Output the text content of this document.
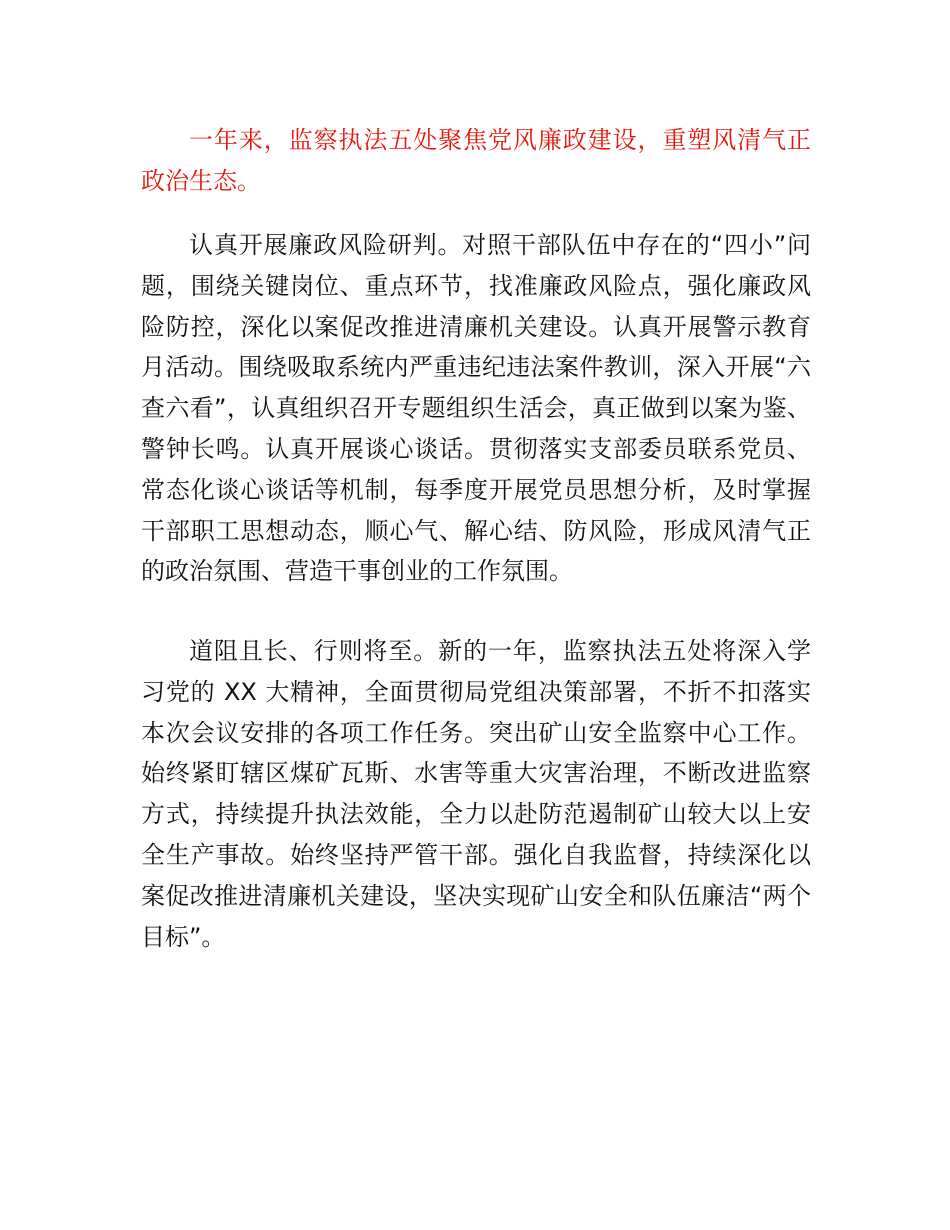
一年来，监察执法五处聚焦党风廉政建设，重塑风清气正政治生态。

认真开展廉政风险研判。对照干部队伍中存在的“四小”问题，围绕关键岗位、重点环节，找准廉政风险点，强化廉政风险防控，深化以案促改推进清廉机关建设。认真开展警示教育月活动。围绕吸取系统内严重违纪违法案件教训，深入开展“六查六看”，认真组织召开专题组织生活会，真正做到以案为鉴、警钟长鸣。认真开展谈心谈话。贯彻落实支部委员联系党员、常态化谈心谈话等机制，每季度开展党员思想分析，及时掌握干部职工思想动态，顺心气、解心结、防风险，形成风清气正的政治氛围、营造干事创业的工作氛围。

道阻且长、行则将至。新的一年，监察执法五处将深入学习党的 XX 大精神，全面贯彻局党组决策部署，不折不扣落实本次会议安排的各项工作任务。突出矿山安全监察中心工作。始终紧盯辖区煤矿瓦斯、水害等重大灾害治理，不断改进监察方式，持续提升执法效能，全力以赴防范遏制矿山较大以上安全生产事故。始终坚持严管干部。强化自我监督，持续深化以案促改推进清廉机关建设，坚决实现矿山安全和队伍廉洁“两个目标”。
